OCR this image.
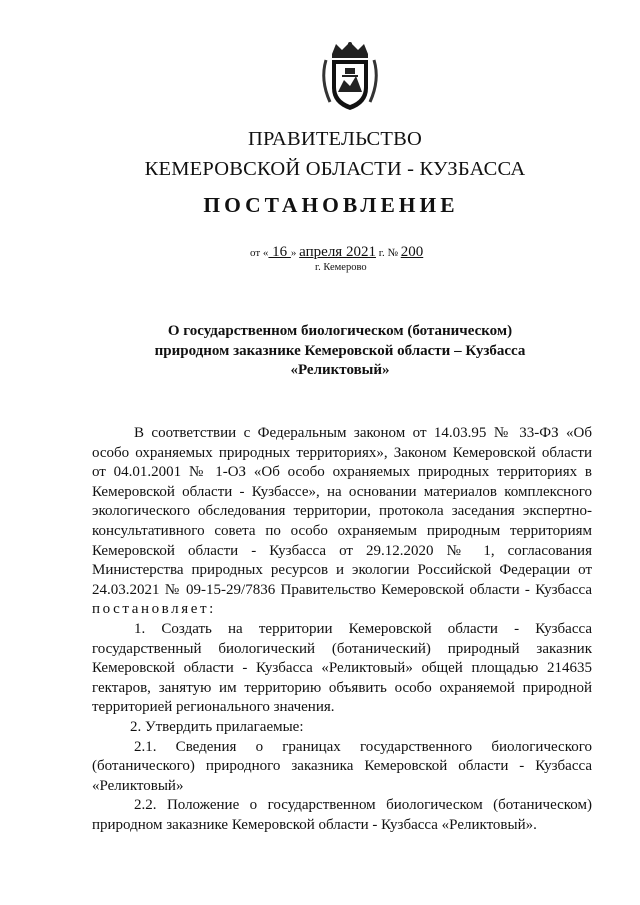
ПРАВИТЕЛЬСТВО
КЕМЕРОВСКОЙ ОБЛАСТИ - КУЗБАССА
ПОСТАНОВЛЕНИЕ
от « 16 » апреля 2021 г. № 200
г. Кемерово
О государственном биологическом (ботаническом)
природном заказнике Кемеровской области – Кузбасса
«Реликтовый»

В соответствии с Федеральным законом от 14.03.95 № 33-ФЗ «Об особо охраняемых природных территориях», Законом Кемеровской области от 04.01.2001 № 1-ОЗ «Об особо охраняемых природных территориях в Кемеровской области - Кузбассе», на основании материалов комплексного экологического обследования территории, протокола заседания экспертно-консультативного совета по особо охраняемым природным территориям Кемеровской области - Кузбасса от 29.12.2020 № 1, согласования Министерства природных ресурсов и экологии Российской Федерации от 24.03.2021 № 09-15-29/7836 Правительство Кемеровской области - Кузбасса постановляет:

1. Создать на территории Кемеровской области - Кузбасса государственный биологический (ботанический) природный заказник Кемеровской области - Кузбасса «Реликтовый» общей площадью 214635 гектаров, занятую им территорию объявить особо охраняемой природной территорией регионального значения.

2. Утвердить прилагаемые:

2.1. Сведения о границах государственного биологического (ботанического) природного заказника Кемеровской области - Кузбасса «Реликтовый»

2.2. Положение о государственном биологическом (ботаническом) природном заказнике Кемеровской области - Кузбасса «Реликтовый».
